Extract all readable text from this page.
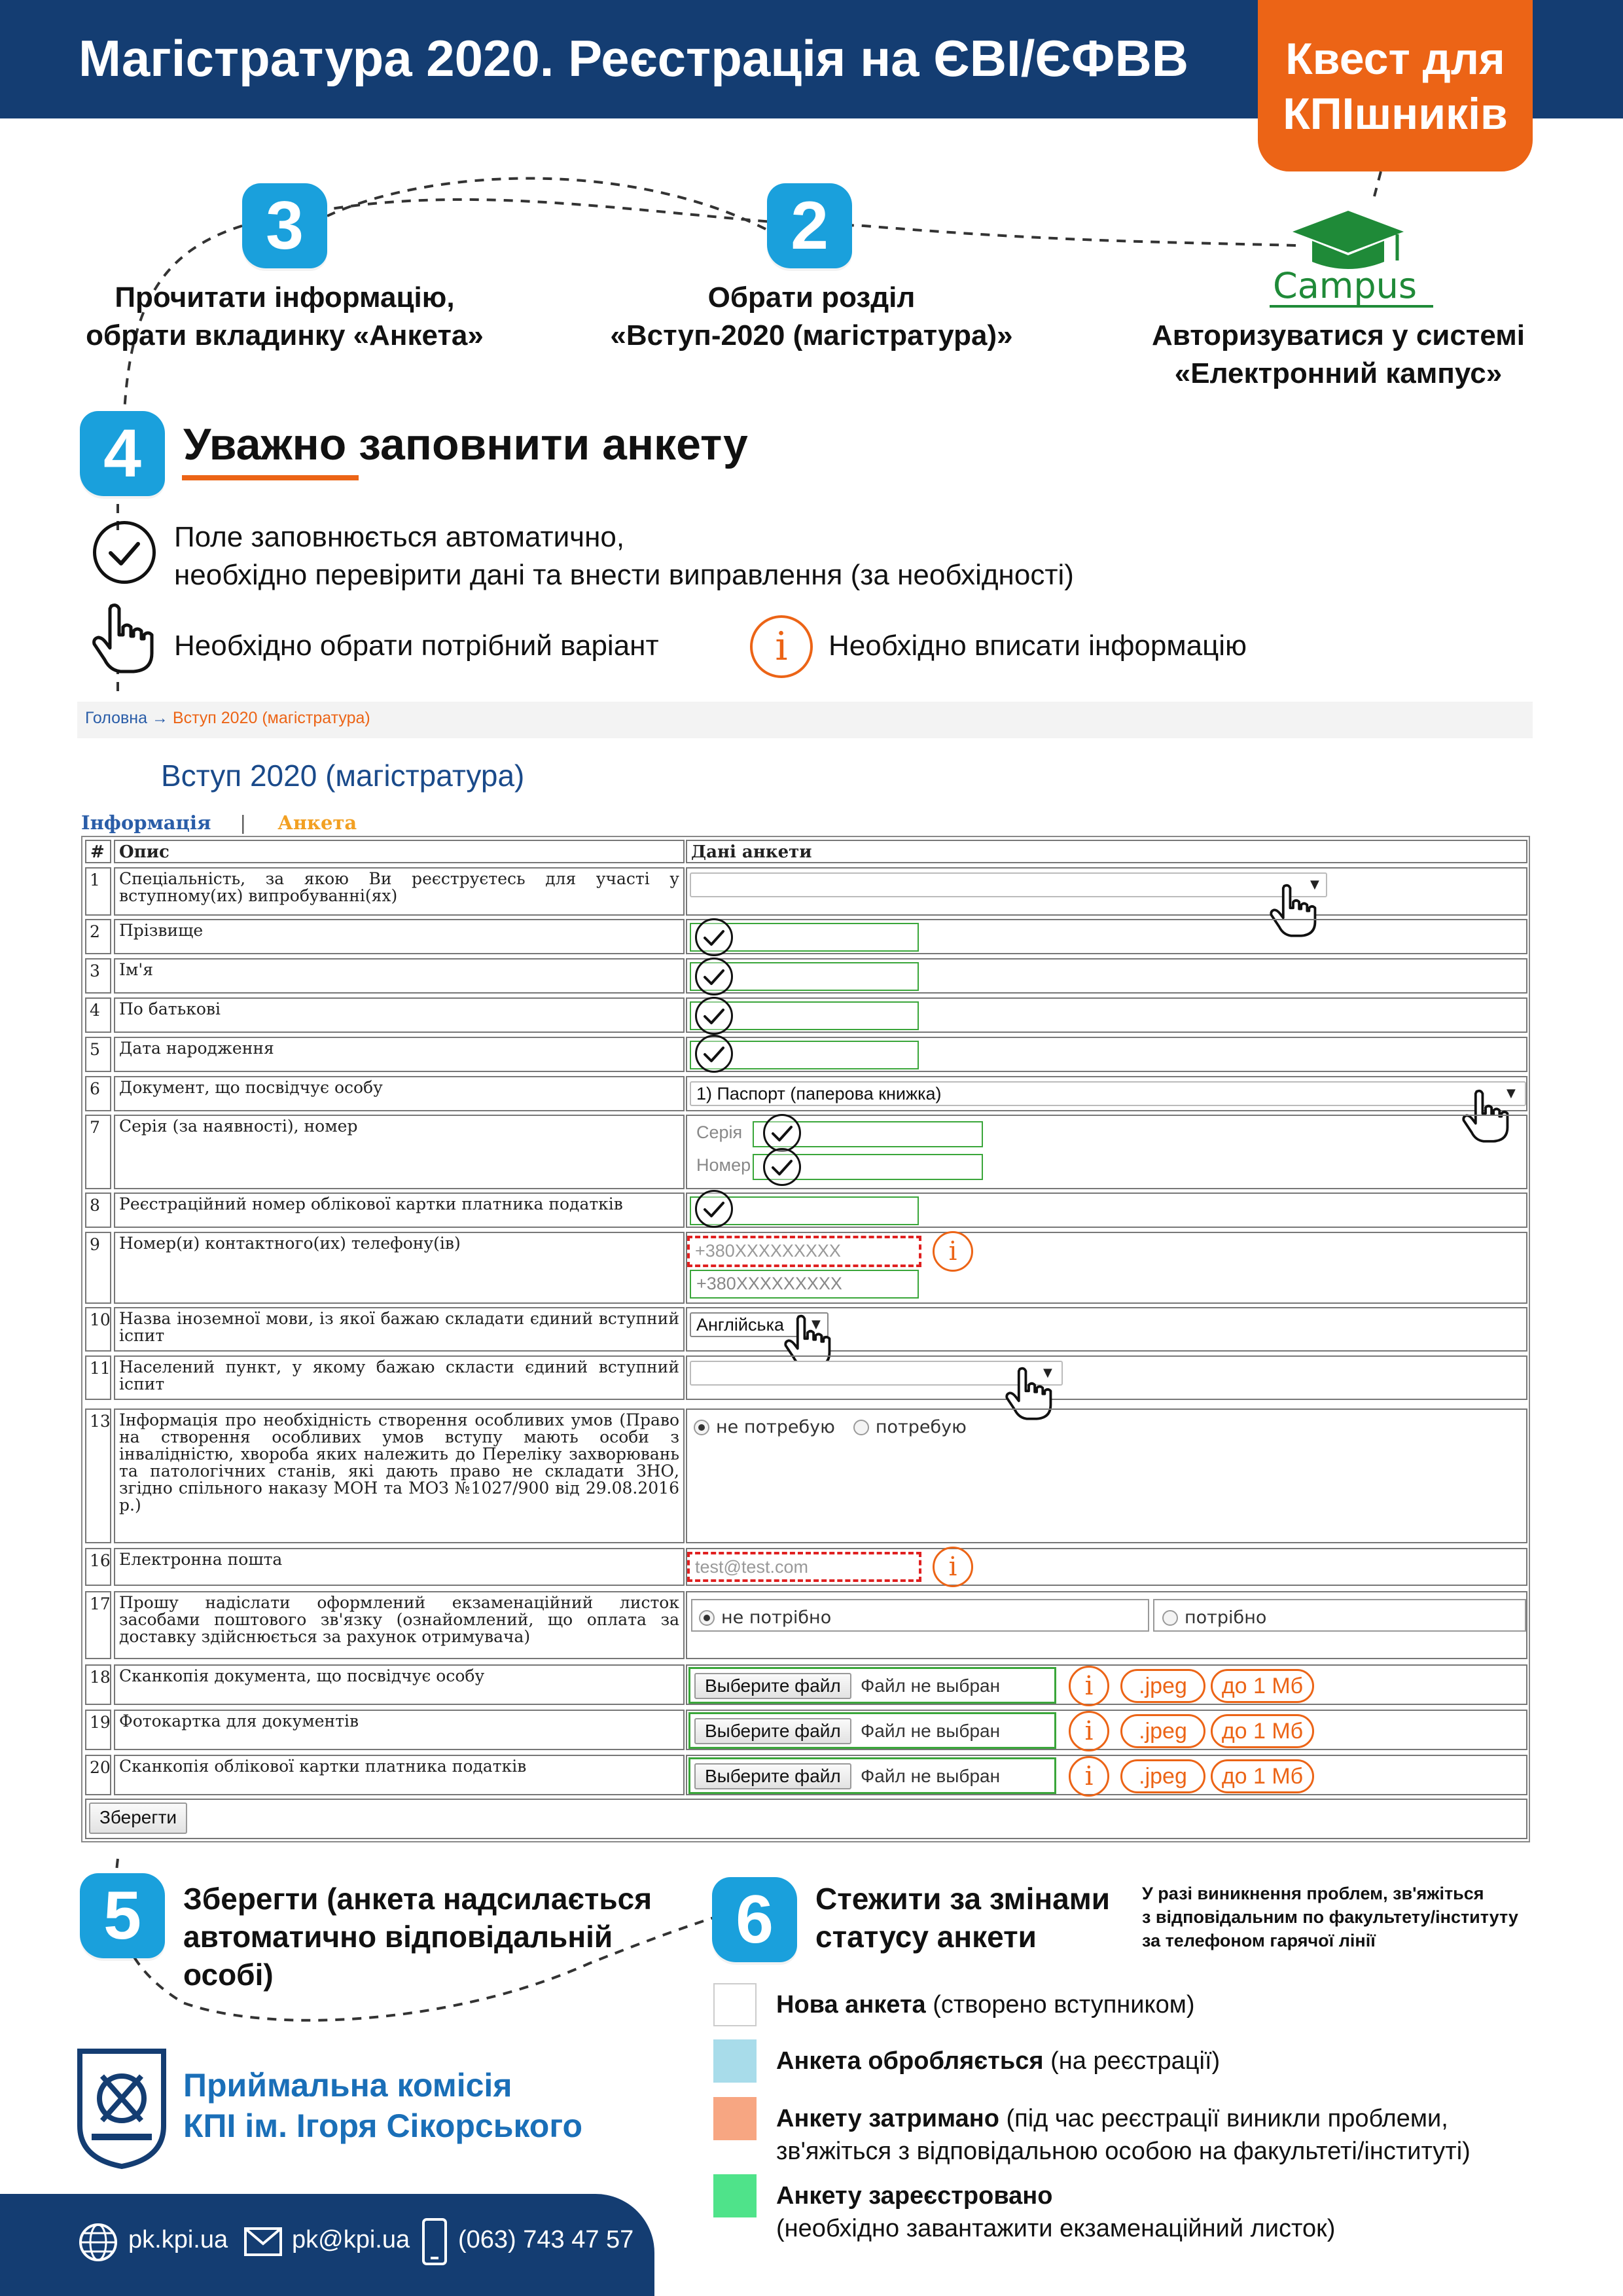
Магістратура 2020. Реєстрація на ЄВІ/ЄФВВ	Квест для
КПІшників
Campus
Авторизуватися у системі
«Електронний кампус»
2
Обрати розділ
«Вступ-2020 (магістратура)»
3
Прочитати інформацію,
обрати вкладинку «Анкета»
4 Уважно заповнити анкету
Поле заповнюється автоматично,
необхідно перевірити дані та внести виправлення (за необхідності)
Необхідно обрати потрібний варіант	i	Необхідно вписати інформацію
Головна → Вступ 2020 (магістратура)
Вступ 2020 (магістратура)
Інформація | Анкета
# Опис	Дані анкети
1	Спеціальність, за якою Ви реєструєтесь для участі у вступному(их) випробуванні(ях)
▼
2	Прізвище
3	Ім'я
4	По батькові
5	Дата народження
6	Документ, що посвідчує особу	1) Паспорт (паперова книжка)	▼
7	Серія (за наявності), номер	Серія
Номер
8	Реєстраційний номер облікової картки платника податків
9	Номер(и) контактного(их) телефону(ів)	+380XXXXXXXXX
+380XXXXXXXXX
i
10 Назва іноземної мови, із якої бажаю складати єдиний вступний іспит
Англійська	▼
11 Населений пункт, у якому бажаю скласти єдиний вступний іспит
▼
13 Інформація про необхідність створення особливих умов (Право на створення особливих умов вступу мають особи з інвалідністю, хвороба яких належить до Переліку захворювань та патологічних станів, які дають право не складати ЗНО, згідно спільного наказу МОН та МОЗ №1027/900 від 29.08.2016 р.)
не потребую потребую
16 Електронна пошта	test@test.com	i
17 Прошу надіслати оформлений екзаменаційний листок засобами поштового зв'язку (ознайомлений, що оплата за доставку здійснюється за рахунок отримувача)
не потрібно	потрібно
18 Сканкопія документа, що посвідчує особу	Выберите файл	Файл не выбран	i	.jpeg	до 1 Мб
19 Фотокартка для документів	Выберите файл	Файл не выбран	i	.jpeg	до 1 Мб
20 Сканкопія облікової картки платника податків	Выберите файл	Файл не выбран	i	.jpeg	до 1 Мб
Зберегти
5	Зберегти (анкета надсилається
автоматично відповідальній
особі)
6	Стежити за змінами
статусу анкети
У разі виникнення проблем, зв'яжіться
з відповідальним по факультету/інституту
за телефоном гарячої лінії
Нова анкета (створено вступником)
Анкета обробляється (на реєстрації)
Анкету затримано (під час реєстрації виникли проблеми,
зв'яжіться з відповідальною особою на факультеті/інституті)
Анкету зареєстровано
(необхідно завантажити екзаменаційний листок)
Приймальна комісія
КПІ ім. Ігоря Сікорського
pk.kpi.ua	pk@kpi.ua (063) 743 47 57
